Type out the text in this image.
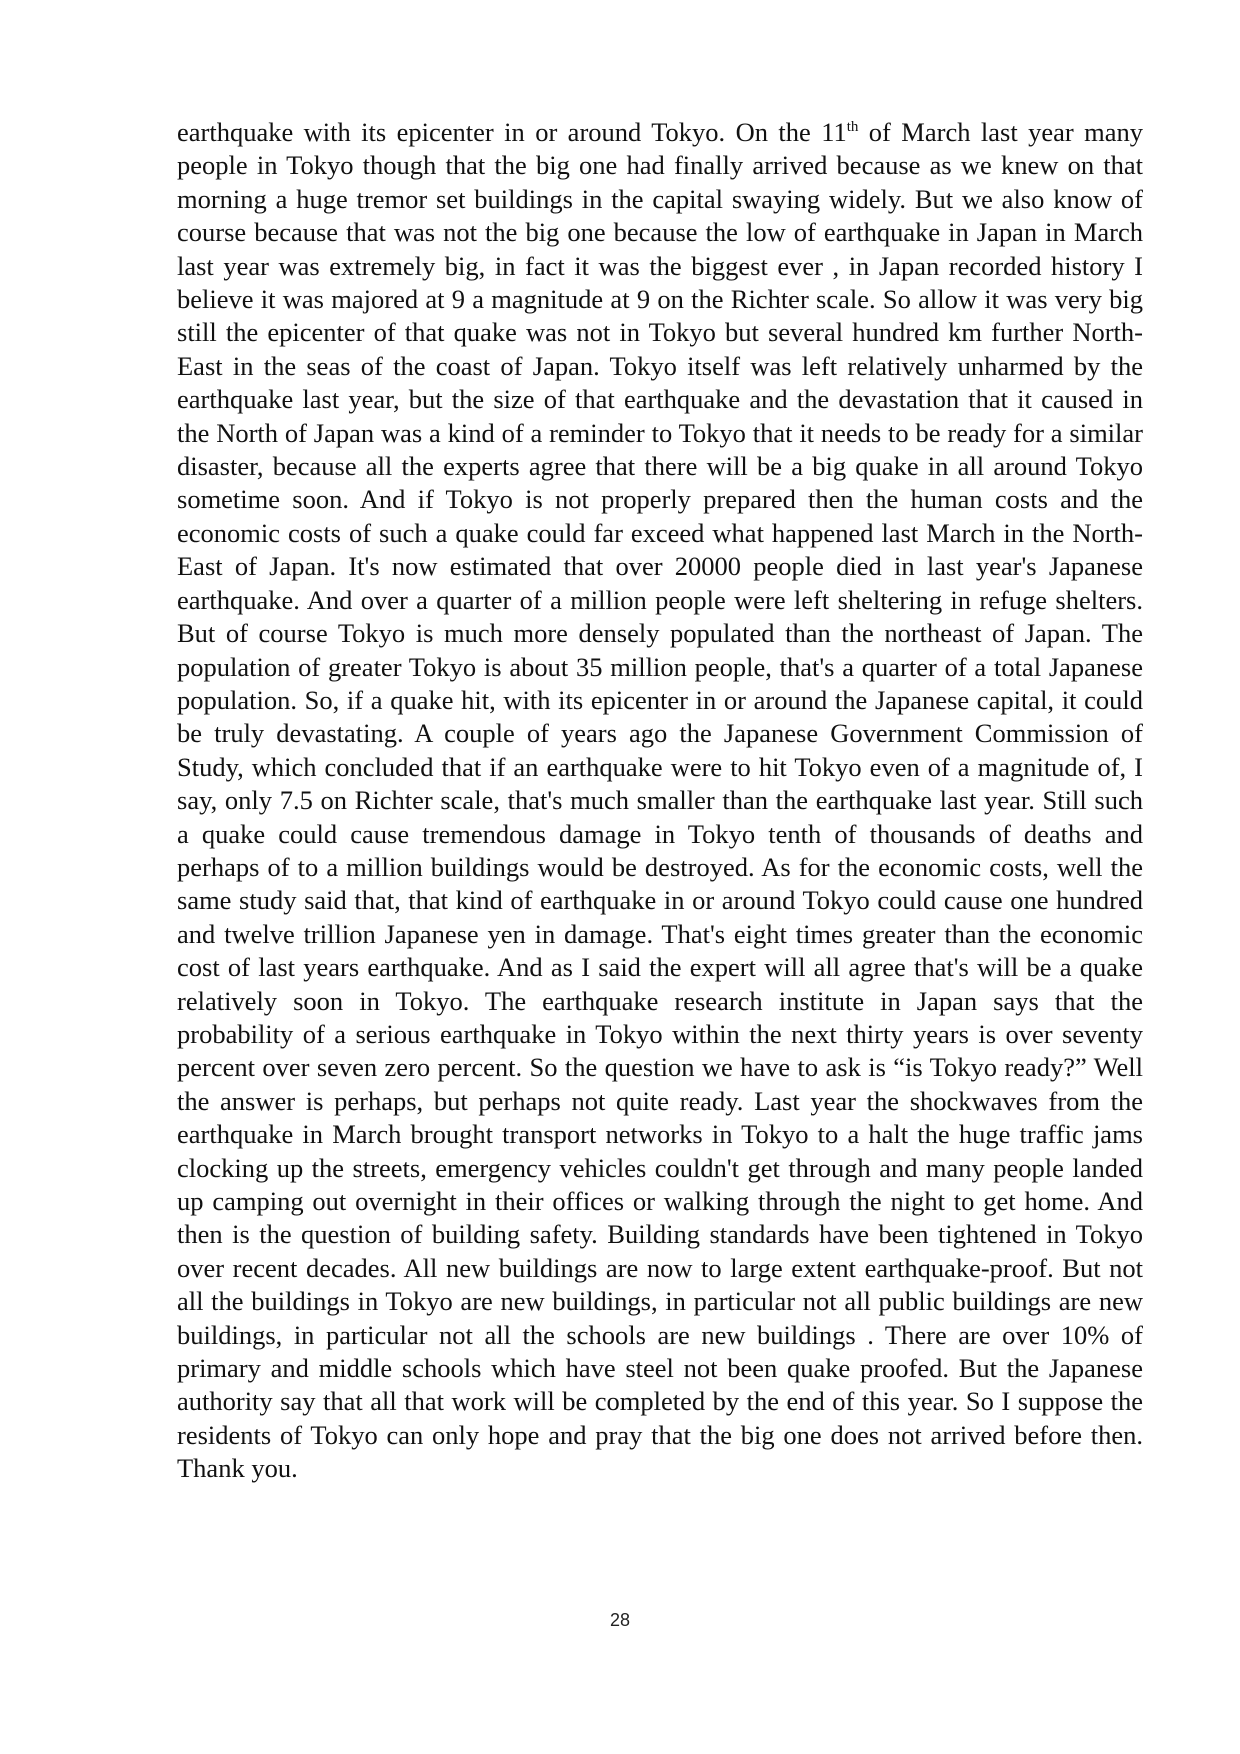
earthquake with its epicenter in or around Tokyo. On the 11th of March last year many people in Tokyo though that the big one had finally arrived because as we knew on that morning a huge tremor set buildings in the capital swaying widely. But we also know of course because that was not the big one because the low of earthquake in Japan in March last year was extremely big, in fact it was the biggest ever , in Japan recorded history I believe it was majored at 9 a magnitude at 9 on the Richter scale. So allow it was very big still the epicenter of that quake was not in Tokyo but several hundred km further North-East in the seas of the coast of Japan. Tokyo itself was left relatively unharmed by the earthquake last year, but the size of that earthquake and the devastation that it caused in the North of Japan was a kind of a reminder to Tokyo that it needs to be ready for a similar disaster, because all the experts agree that there will be a big quake in all around Tokyo sometime soon. And if Tokyo is not properly prepared then the human costs and the economic costs of such a quake could far exceed what happened last March in the North-East of Japan. It's now estimated that over 20000 people died in last year's Japanese earthquake. And over a quarter of a million people were left sheltering in refuge shelters. But of course Tokyo is much more densely populated than the northeast of Japan. The population of greater Tokyo is about 35 million people, that's a quarter of a total Japanese population. So, if a quake hit, with its epicenter in or around the Japanese capital, it could be truly devastating. A couple of years ago the Japanese Government Commission of Study, which concluded that if an earthquake were to hit Tokyo even of a magnitude of, I say, only 7.5 on Richter scale, that's much smaller than the earthquake last year. Still such a quake could cause tremendous damage in Tokyo tenth of thousands of deaths and perhaps of to a million buildings would be destroyed. As for the economic costs, well the same study said that, that kind of earthquake in or around Tokyo could cause one hundred and twelve trillion Japanese yen in damage. That's eight times greater than the economic cost of last years earthquake. And as I said the expert will all agree that's will be a quake relatively soon in Tokyo. The earthquake research institute in Japan says that the probability of a serious earthquake in Tokyo within the next thirty years is over seventy percent over seven zero percent. So the question we have to ask is “is Tokyo ready?” Well the answer is perhaps, but perhaps not quite ready. Last year the shockwaves from the earthquake in March brought transport networks in Tokyo to a halt the huge traffic jams clocking up the streets, emergency vehicles couldn't get through and many people landed up camping out overnight in their offices or walking through the night to get home. And then is the question of building safety. Building standards have been tightened in Tokyo over recent decades. All new buildings are now to large extent earthquake-proof. But not all the buildings in Tokyo are new buildings, in particular not all public buildings are new buildings, in particular not all the schools are new buildings . There are over 10% of primary and middle schools which have steel not been quake proofed. But the Japanese authority say that all that work will be completed by the end of this year. So I suppose the residents of Tokyo can only hope and pray that the big one does not arrived before then. Thank you.

28
